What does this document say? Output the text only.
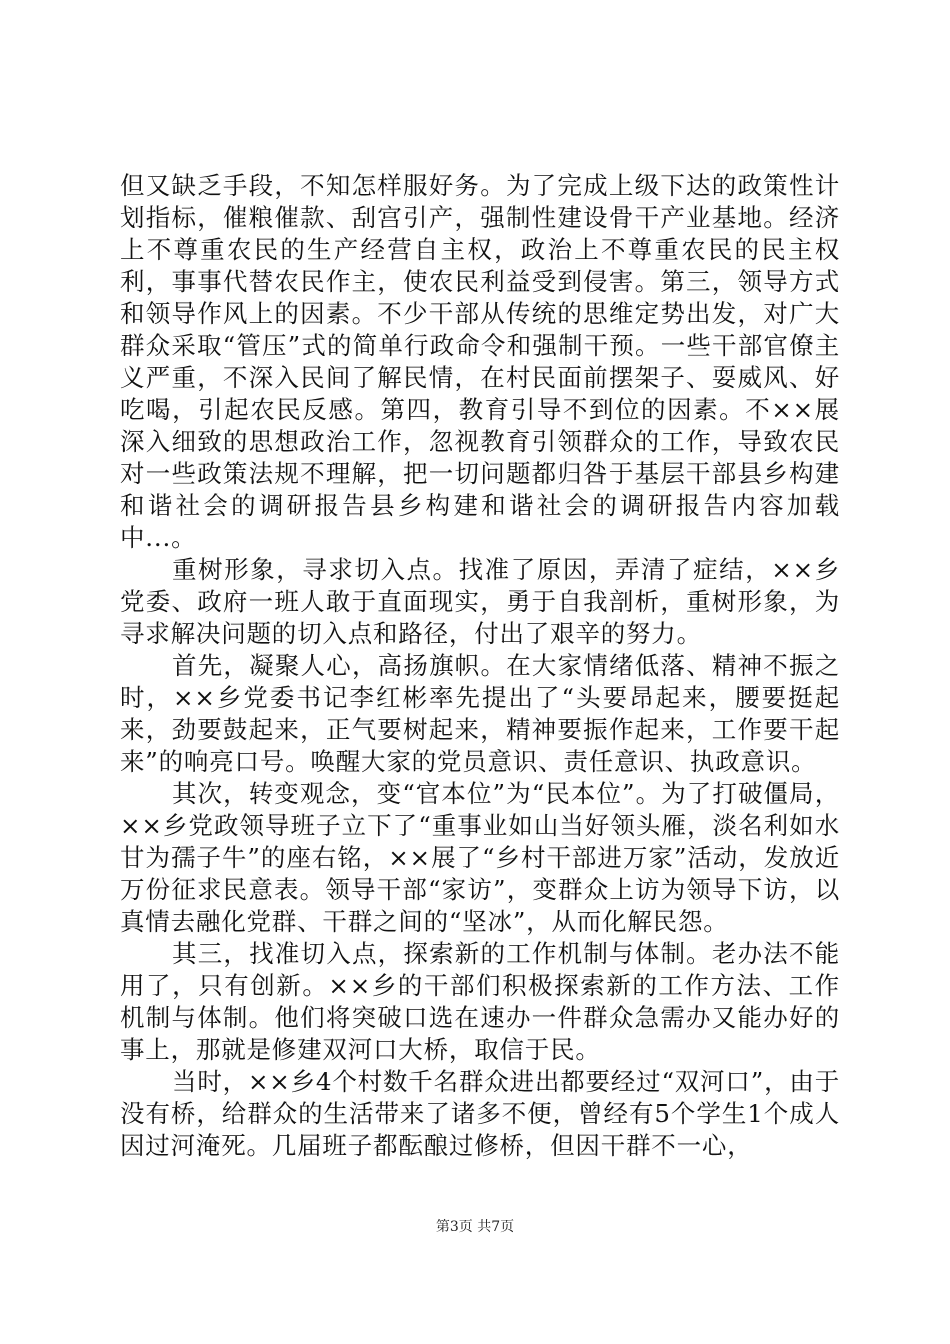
但又缺乏手段，不知怎样服好务。为了完成上级下达的政策性计划指标，催粮催款、刮宫引产，强制性建设骨干产业基地。经济上不尊重农民的生产经营自主权，政治上不尊重农民的民主权利，事事代替农民作主，使农民利益受到侵害。第三，领导方式和领导作风上的因素。不少干部从传统的思维定势出发，对广大群众采取“管压”式的简单行政命令和强制干预。一些干部官僚主义严重，不深入民间了解民情，在村民面前摆架子、耍威风、好吃喝，引起农民反感。第四，教育引导不到位的因素。不××展深入细致的思想政治工作，忽视教育引领群众的工作，导致农民对一些政策法规不理解，把一切问题都归咎于基层干部县乡构建和谐社会的调研报告县乡构建和谐社会的调研报告内容加载中...。

重树形象，寻求切入点。找准了原因，弄清了症结，××乡党委、政府一班人敢于直面现实，勇于自我剖析，重树形象，为寻求解决问题的切入点和路径，付出了艰辛的努力。

首先，凝聚人心，高扬旗帜。在大家情绪低落、精神不振之时，××乡党委书记李红彬率先提出了“头要昂起来，腰要挺起来，劲要鼓起来，正气要树起来，精神要振作起来，工作要干起来”的响亮口号。唤醒大家的党员意识、责任意识、执政意识。

其次，转变观念，变“官本位”为“民本位”。为了打破僵局，××乡党政领导班子立下了“重事业如山当好领头雁，淡名利如水甘为孺子牛”的座右铭，××展了“乡村干部进万家”活动，发放近万份征求民意表。领导干部“家访”，变群众上访为领导下访，以真情去融化党群、干群之间的“坚冰”，从而化解民怨。

其三，找准切入点，探索新的工作机制与体制。老办法不能用了，只有创新。××乡的干部们积极探索新的工作方法、工作机制与体制。他们将突破口选在速办一件群众急需办又能办好的事上，那就是修建双河口大桥，取信于民。

当时，××乡4个村数千名群众进出都要经过“双河口”，由于没有桥，给群众的生活带来了诸多不便，曾经有5个学生1个成人因过河淹死。几届班子都酝酿过修桥，但因干群不一心，

第3页 共7页
